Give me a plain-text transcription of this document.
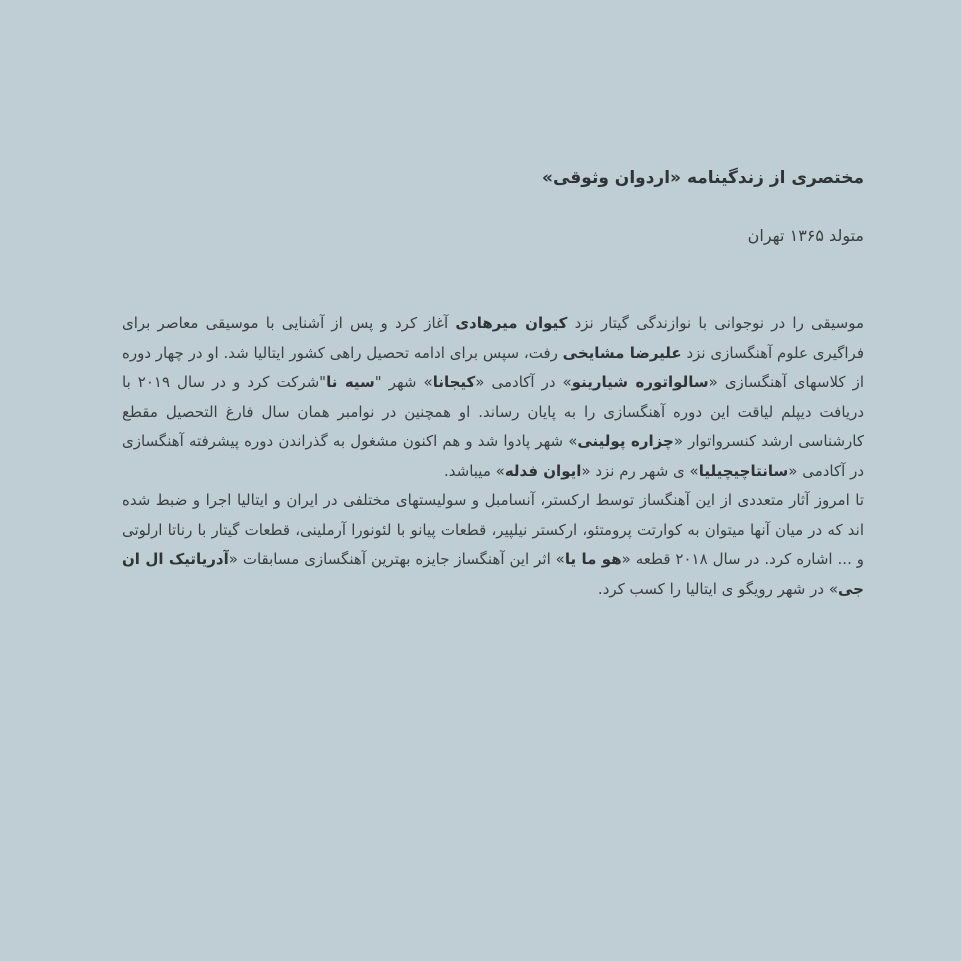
مختصری از زندگینامه «اردوان وثوقی»
متولد ۱۳۶۵ تهران

موسیقی را در نوجوانی با نوازندگی گیتار نزد کیوان میرهادی آغاز کرد و پس از آشنایی با موسیقی معاصر برای فراگیری علوم آهنگسازی نزد علیرضا مشایخی رفت، سپس برای ادامه تحصیل راهی کشور ایتالیا شد. او در چهار دوره از کلاسهای آهنگسازی «سالواتوره شیارینو» در آکادمی «کیجانا» شهر "سیه نا"شرکت کرد و در سال ۲۰۱۹ با دریافت دیپلم لیاقت این دوره آهنگسازی را به پایان رساند. او همچنین در نوامبر همان سال فارغ التحصیل مقطع کارشناسی ارشد کنسرواتوار «چزاره پولینی» شهر پادوا شد و هم اکنون مشغول به گذراندن دوره پیشرفته آهنگسازی در آکادمی «سانتاچیچیلیا» ی شهر رم نزد «ایوان فدله» میباشد.

تا امروز آثار متعددی از این آهنگساز توسط ارکستر، آنسامبل و سولیستهای مختلفی در ایران و ایتالیا اجرا و ضبط شده اند که در میان آنها میتوان به کوارتت پرومتئو، ارکستر نیلپیر، قطعات پیانو با لئونورا آرملینی، قطعات گیتار با رناتا ارلوتی و ... اشاره کرد. در سال ۲۰۱۸ قطعه «هو ما یا» اثر این آهنگساز جایزه بهترین آهنگسازی مسابقات «آدریاتیک ال ان جی» در شهر رویگو ی ایتالیا را کسب کرد.
